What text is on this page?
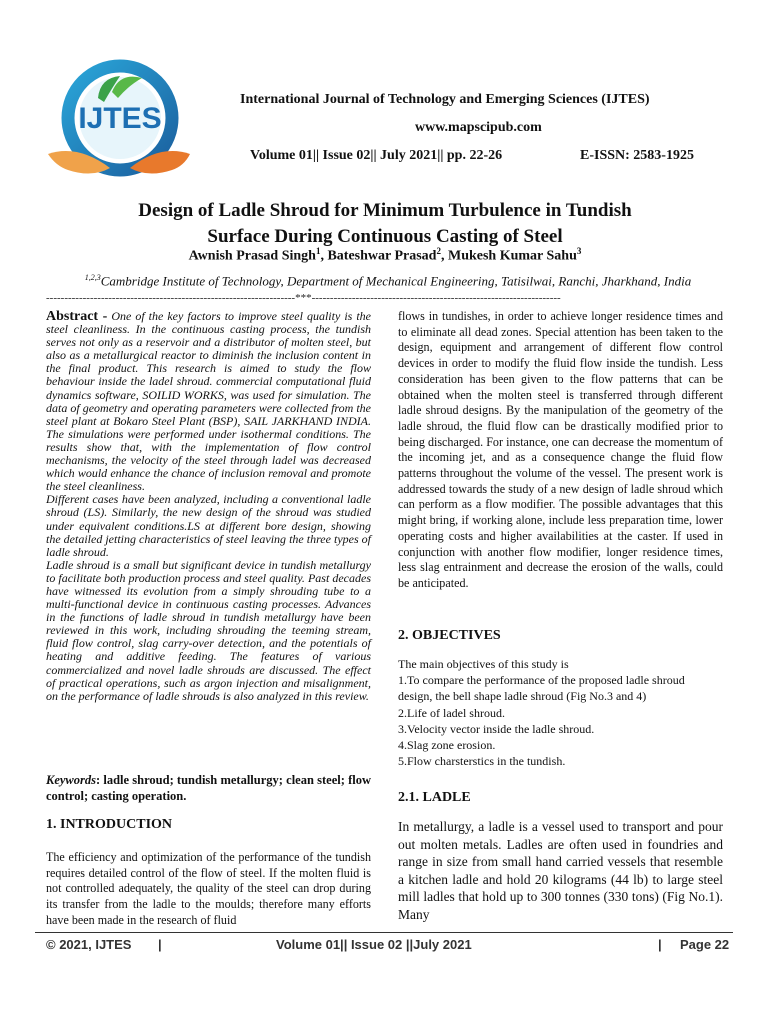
IJTES
International Journal of Technology and Emerging Sciences (IJTES)
www.mapscipub.com
Volume 01|| Issue 02|| July 2021|| pp. 22-26	E-ISSN: 2583-1925
Design of Ladle Shroud for Minimum Turbulence in Tundish
Surface During Continuous Casting of Steel
Awnish Prasad Singh$^1$, Bateshwar Prasad$^2$, Mukesh Kumar Sahu$^3$
$^{1,2,3}$Cambridge Institute of Technology, Department of Mechanical Engineering, Tatisilwai, Ranchi, Jharkhand, India
--------------------------------------------------------------------***--------------------------------------------------------------------

Abstract - One of the key factors to improve steel quality is the steel cleanliness. In the continuous casting process, the tundish serves not only as a reservoir and a distributor of molten steel, but also as a metallurgical reactor to diminish the inclusion content in the final product. This research is aimed to study the flow behaviour inside the ladel shroud. commercial computational fluid dynamics software, SOILID WORKS, was used for simulation. The data of geometry and operating parameters were collected from the steel plant at Bokaro Steel Plant (BSP), SAIL JARKHAND INDIA. The simulations were performed under isothermal conditions. The results show that, with the implementation of flow control mechanisms, the velocity of the steel through ladel was decreased which would enhance the chance of inclusion removal and promote the steel cleanliness.

Different cases have been analyzed, including a conventional ladle shroud (LS). Similarly, the new design of the shroud was studied under equivalent conditions.LS at different bore design, showing the detailed jetting characteristics of steel leaving the three types of ladle shroud.

Ladle shroud is a small but significant device in tundish metallurgy to facilitate both production process and steel quality. Past decades have witnessed its evolution from a simply shrouding tube to a multi-functional device in continuous casting processes. Advances in the functions of ladle shroud in tundish metallurgy have been reviewed in this work, including shrouding the teeming stream, fluid flow control, slag carry-over detection, and the potentials of heating and additive feeding. The features of various commercialized and novel ladle shrouds are discussed. The effect of practical operations, such as argon injection and misalignment, on the performance of ladle shrouds is also analyzed in this review.

Keywords: ladle shroud; tundish metallurgy; clean steel; flow control; casting operation.
1. INTRODUCTION
The efficiency and optimization of the performance of the tundish requires detailed control of the flow of steel. If the molten fluid is not controlled adequately, the quality of the steel can drop during its transfer from the ladle to the moulds; therefore many efforts have been made in the research of fluid
flows in tundishes, in order to achieve longer residence times and to eliminate all dead zones. Special attention has been taken to the design, equipment and arrangement of different flow control devices in order to modify the fluid flow inside the tundish. Less consideration has been given to the flow patterns that can be obtained when the molten steel is transferred through different ladle shroud designs. By the manipulation of the geometry of the ladle shroud, the fluid flow can be drastically modified prior to being discharged. For instance, one can decrease the momentum of the incoming jet, and as a consequence change the fluid flow patterns throughout the volume of the vessel. The present work is addressed towards the study of a new design of ladle shroud which can perform as a flow modifier. The possible advantages that this might bring, if working alone, include less preparation time, lower operating costs and higher availabilities at the caster. If used in conjunction with another flow modifier, longer residence times, less slag entrainment and decrease the erosion of the walls, could be anticipated.
2. OBJECTIVES
The main objectives of this study is
1.To compare the performance of the proposed ladle shroud
design, the bell shape ladle shroud (Fig No.3 and 4)
2.Life of ladel shroud.
3.Velocity vector inside the ladle shroud.
4.Slag zone erosion.
5.Flow charsterstics in the tundish.
2.1. LADLE
In metallurgy, a ladle is a vessel used to transport and pour out molten metals. Ladles are often used in foundries and range in size from small hand carried vessels that resemble a kitchen ladle and hold 20 kilograms (44 lb) to large steel mill ladles that hold up to 300 tonnes (330 tons) (Fig No.1). Many
© 2021, IJTES |	Volume 01|| Issue 02 ||July 2021	| Page 22
